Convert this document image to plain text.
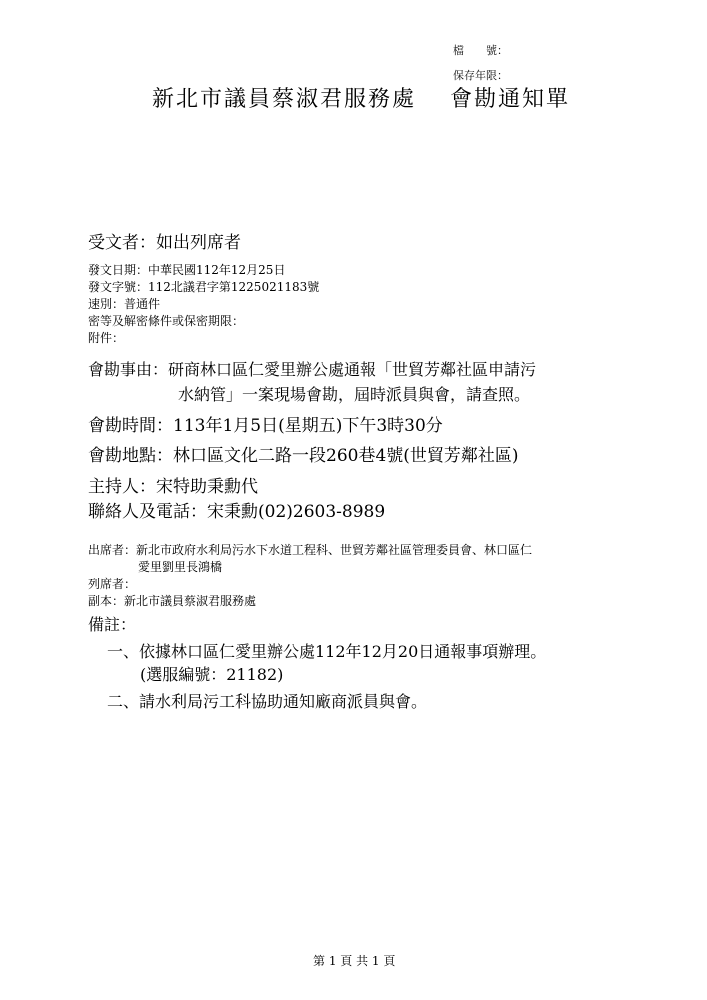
檔　　號：
保存年限：
新北市議員蔡淑君服務處 會勘通知單
受文者：如出列席者
發文日期：中華民國112年12月25日
發文字號：112北議君字第1225021183號
速別：普通件
密等及解密條件或保密期限：
附件：
會勘事由：研商林口區仁愛里辦公處通報「世貿芳鄰社區申請污
水納管」一案現場會勘，屆時派員與會，請查照。
會勘時間：113年1月5日(星期五)下午3時30分
會勘地點：林口區文化二路一段260巷4號(世貿芳鄰社區)
主持人：宋特助秉勳代
聯絡人及電話：宋秉勳(02)2603-8989
出席者：新北市政府水利局污水下水道工程科、世貿芳鄰社區管理委員會、林口區仁
愛里劉里長鴻橋
列席者：
副本：新北市議員蔡淑君服務處
備註：
一、依據林口區仁愛里辦公處112年12月20日通報事項辦理。
(選服編號：21182)
二、請水利局污工科協助通知廠商派員與會。
第 1 頁 共 1 頁
